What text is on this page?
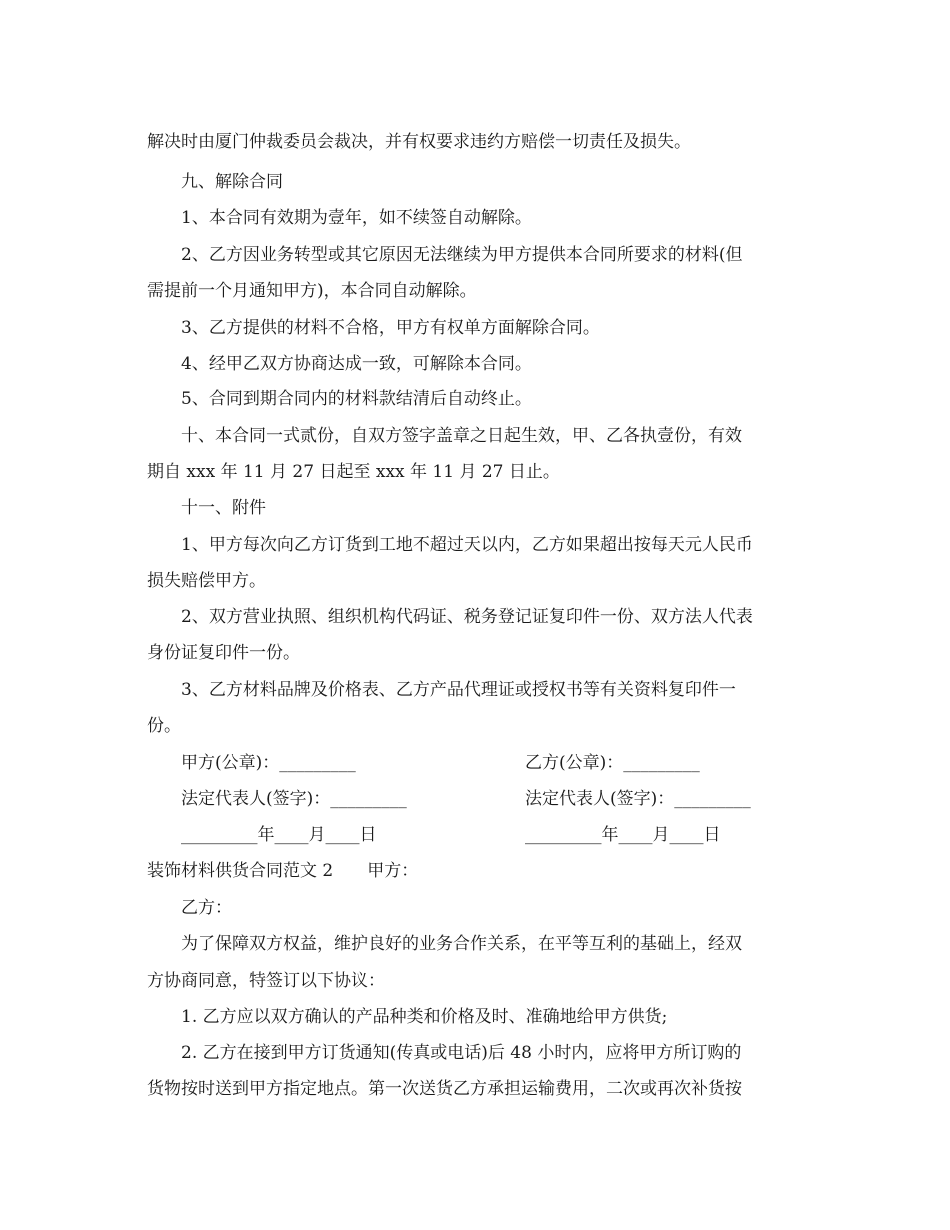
解决时由厦门仲裁委员会裁决，并有权要求违约方赔偿一切责任及损失。
九、解除合同
1、本合同有效期为壹年，如不续签自动解除。
2、乙方因业务转型或其它原因无法继续为甲方提供本合同所要求的材料(但
需提前一个月通知甲方)，本合同自动解除。
3、乙方提供的材料不合格，甲方有权单方面解除合同。
4、经甲乙双方协商达成一致，可解除本合同。
5、合同到期合同内的材料款结清后自动终止。
十、本合同一式贰份，自双方签字盖章之日起生效，甲、乙各执壹份，有效
期自 xxx 年 11 月 27 日起至 xxx 年 11 月 27 日止。
十一、附件
1、甲方每次向乙方订货到工地不超过天以内，乙方如果超出按每天元人民币
损失赔偿甲方。
2、双方营业执照、组织机构代码证、税务登记证复印件一份、双方法人代表
身份证复印件一份。
3、乙方材料品牌及价格表、乙方产品代理证或授权书等有关资料复印件一
份。
甲方(公章)：_________	乙方(公章)：_________
法定代表人(签字)：_________	法定代表人(签字)：_________
_________年____月____日	_________年____月____日
装饰材料供货合同范文 2　　甲方：
乙方：
为了保障双方权益，维护良好的业务合作关系，在平等互利的基础上，经双
方协商同意，特签订以下协议：
1. 乙方应以双方确认的产品种类和价格及时、准确地给甲方供货;
2. 乙方在接到甲方订货通知(传真或电话)后 48 小时内，应将甲方所订购的
货物按时送到甲方指定地点。第一次送货乙方承担运输费用，二次或再次补货按
